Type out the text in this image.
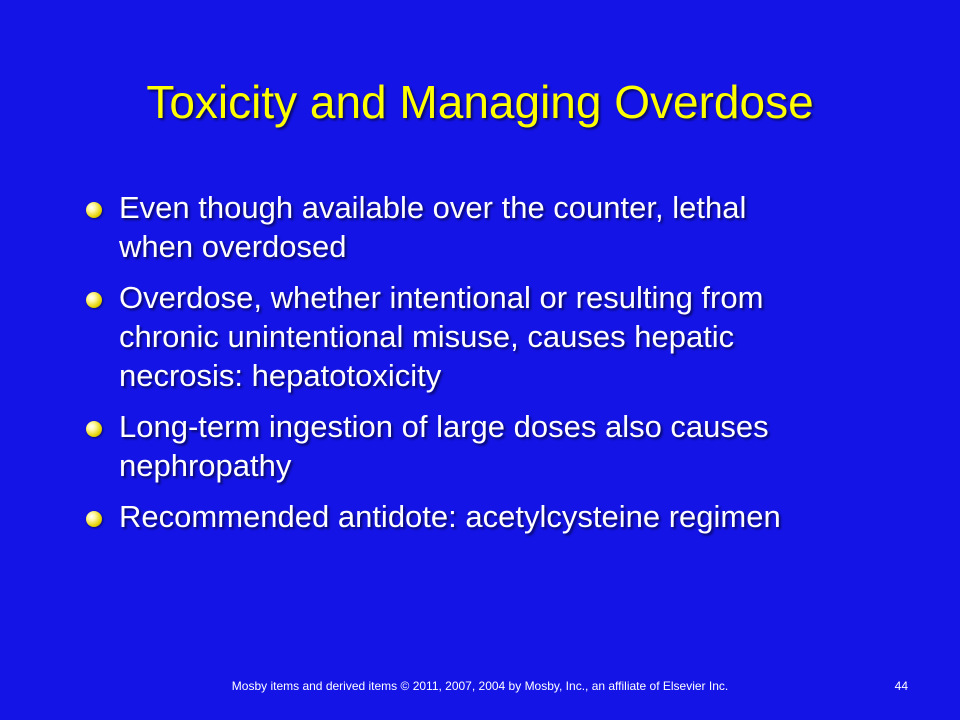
Toxicity and Managing Overdose
Even though available over the counter, lethal when overdosed
Overdose, whether intentional or resulting from chronic unintentional misuse, causes hepatic necrosis: hepatotoxicity
Long-term ingestion of large doses also causes nephropathy
Recommended antidote: acetylcysteine regimen
Mosby items and derived items © 2011, 2007, 2004 by Mosby, Inc., an affiliate of Elsevier Inc.	44
